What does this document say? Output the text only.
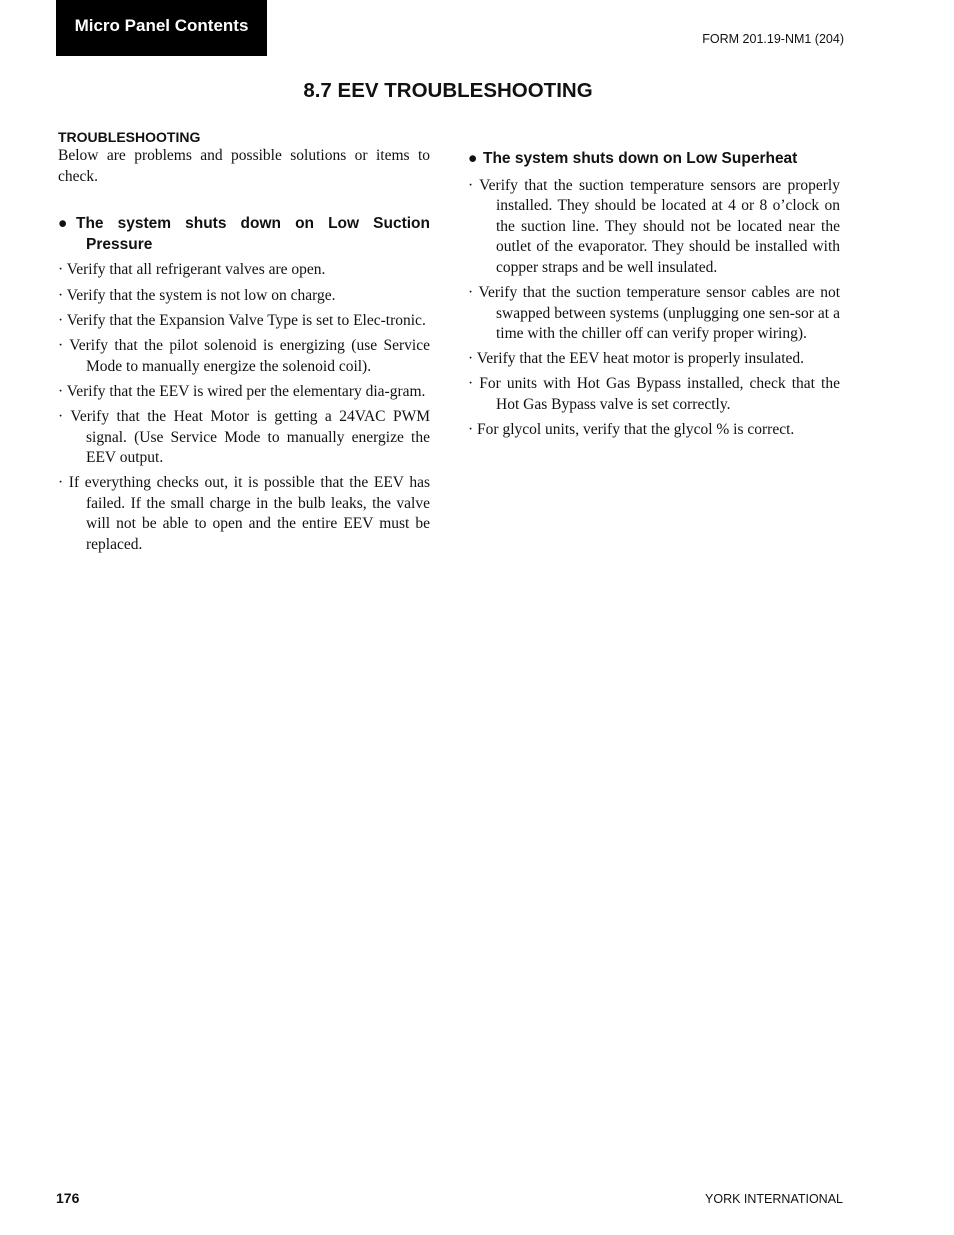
Micro Panel Contents
FORM 201.19-NM1 (204)
8.7 EEV TROUBLESHOOTING
TROUBLESHOOTING
Below are problems and possible solutions or items to check.
● The system shuts down on Low Suction Pressure
· Verify that all refrigerant valves are open.
· Verify that the system is not low on charge.
· Verify that the Expansion Valve Type is set to Elec-tronic.
· Verify that the pilot solenoid is energizing (use Service Mode to manually energize the solenoid coil).
· Verify that the EEV is wired per the elementary dia-gram.
· Verify that the Heat Motor is getting a 24VAC PWM signal. (Use Service Mode to manually energize the EEV output.
· If everything checks out, it is possible that the EEV has failed. If the small charge in the bulb leaks, the valve will not be able to open and the entire EEV must be replaced.
● The system shuts down on Low Superheat
· Verify that the suction temperature sensors are properly installed. They should be located at 4 or 8 o’clock on the suction line. They should not be located near the outlet of the evaporator. They should be installed with copper straps and be well insulated.
· Verify that the suction temperature sensor cables are not swapped between systems (unplugging one sen-sor at a time with the chiller off can verify proper wiring).
· Verify that the EEV heat motor is properly insulated.
· For units with Hot Gas Bypass installed, check that the Hot Gas Bypass valve is set correctly.
· For glycol units, verify that the glycol % is correct.
176	YORK INTERNATIONAL
